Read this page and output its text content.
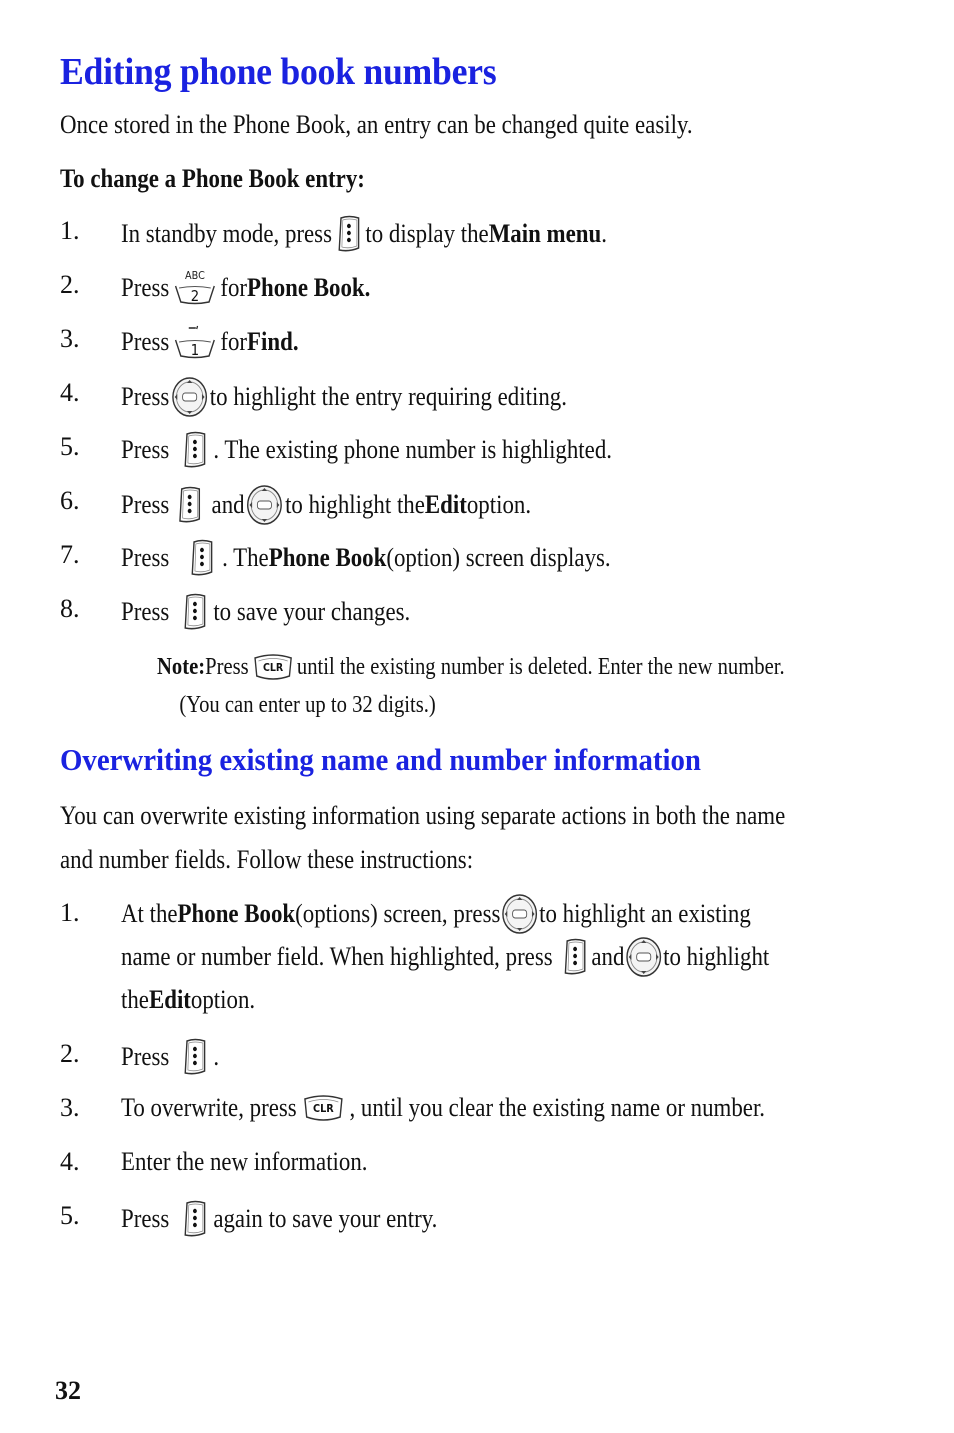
Editing phone book numbers

Once stored in the Phone Book, an entry can be changed quite easily.

To change a Phone Book entry:

1. In standby mode, press to display the Main menu .
2. Press ABC
2 for Phone Book.
3. Press 1 for Find.
4. Press to highlight the entry requiring editing.
5. Press . The existing phone number is highlighted.
6. Press and to highlight the Edit option.
7. Press . The Phone Book (option) screen displays.
8. Press to save your changes.
Note: Press CLR until the existing number is deleted. Enter the new number.
(You can enter up to 32 digits.)
Overwriting existing name and number information

You can overwrite existing information using separate actions in both the name

and number fields. Follow these instructions:

1. At the Phone Book (options) screen, press to highlight an existing
name or number field. When highlighted, press and to highlight
the Edit option.
2. Press .
3. To overwrite, press CLR , until you clear the existing name or number.
4. Enter the new information.
5. Press again to save your entry.
32
